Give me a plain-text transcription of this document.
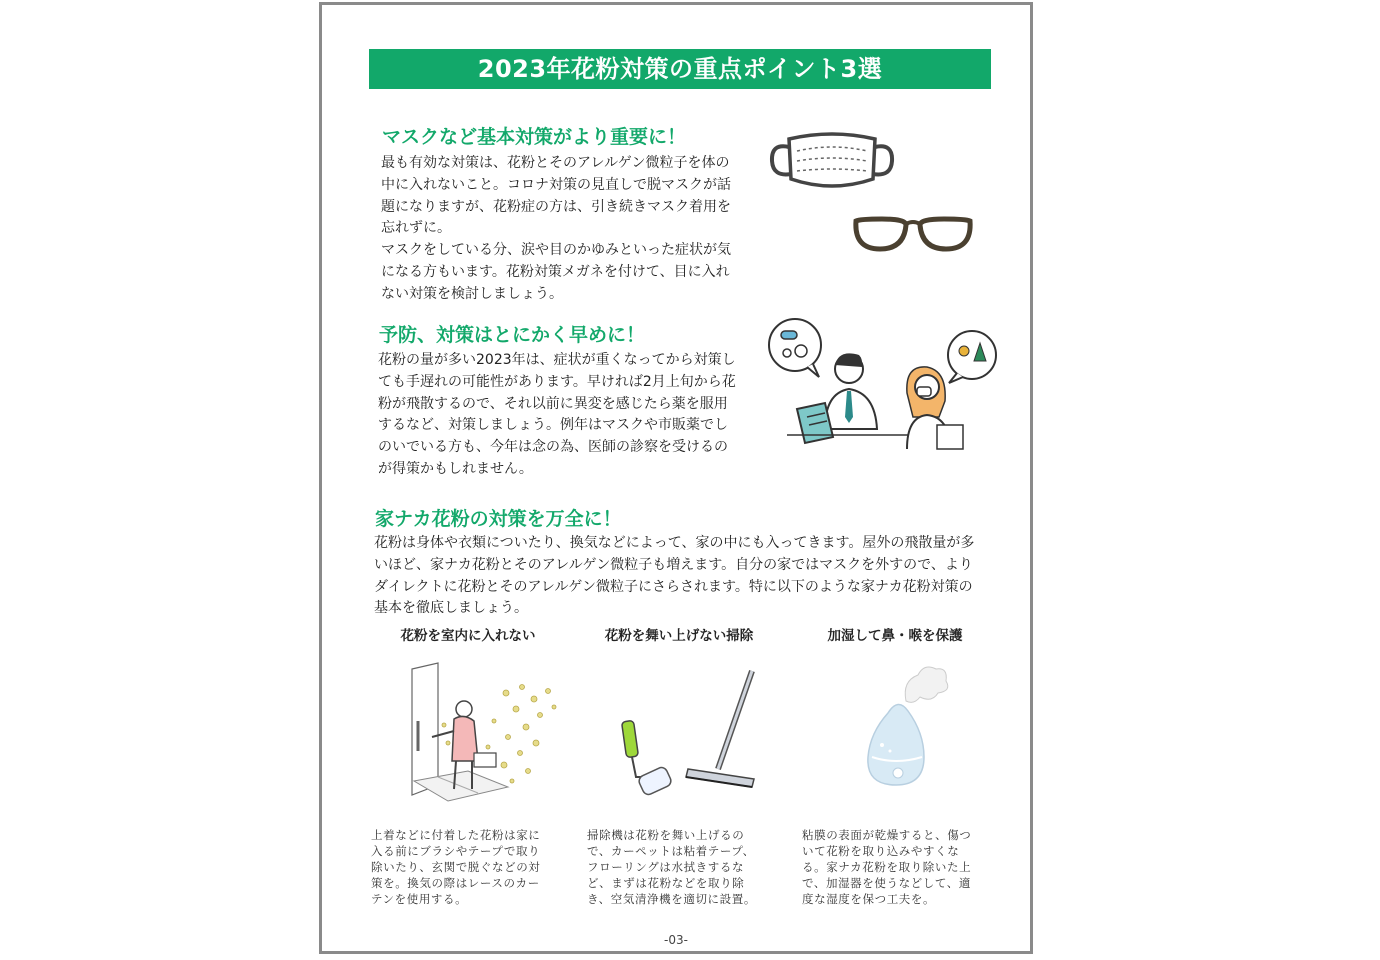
2023年花粉対策の重点ポイント3選
マスクなど基本対策がより重要に！

最も有効な対策は、花粉とそのアレルゲン微粒子を体の中に入れないこと。コロナ対策の見直しで脱マスクが話題になりますが、花粉症の方は、引き続きマスク着用を忘れずに。

マスクをしている分、涙や目のかゆみといった症状が気になる方もいます。花粉対策メガネを付けて、目に入れない対策を検討しましょう。

予防、対策はとにかく早めに！

花粉の量が多い2023年は、症状が重くなってから対策しても手遅れの可能性があります。早ければ2月上旬から花粉が飛散するので、それ以前に異変を感じたら薬を服用するなど、対策しましょう。例年はマスクや市販薬でしのいでいる方も、今年は念の為、医師の診察を受けるのが得策かもしれません。

家ナカ花粉の対策を万全に！

花粉は身体や衣類についたり、換気などによって、家の中にも入ってきます。屋外の飛散量が多いほど、家ナカ花粉とそのアレルゲン微粒子も増えます。自分の家ではマスクを外すので、よりダイレクトに花粉とそのアレルゲン微粒子にさらされます。特に以下のような家ナカ花粉対策の基本を徹底しましょう。

花粉を室内に入れない	花粉を舞い上げない掃除	加湿して鼻・喉を保護
上着などに付着した花粉は家に入る前にブラシやテープで取り除いたり、玄関で脱ぐなどの対策を。換気の際はレースのカーテンを使用する。
掃除機は花粉を舞い上げるので、カーペットは粘着テープ、フローリングは水拭きするなど、まずは花粉などを取り除き、空気清浄機を適切に設置。
粘膜の表面が乾燥すると、傷ついて花粉を取り込みやすくなる。家ナカ花粉を取り除いた上で、加湿器を使うなどして、適度な湿度を保つ工夫を。
-03-
